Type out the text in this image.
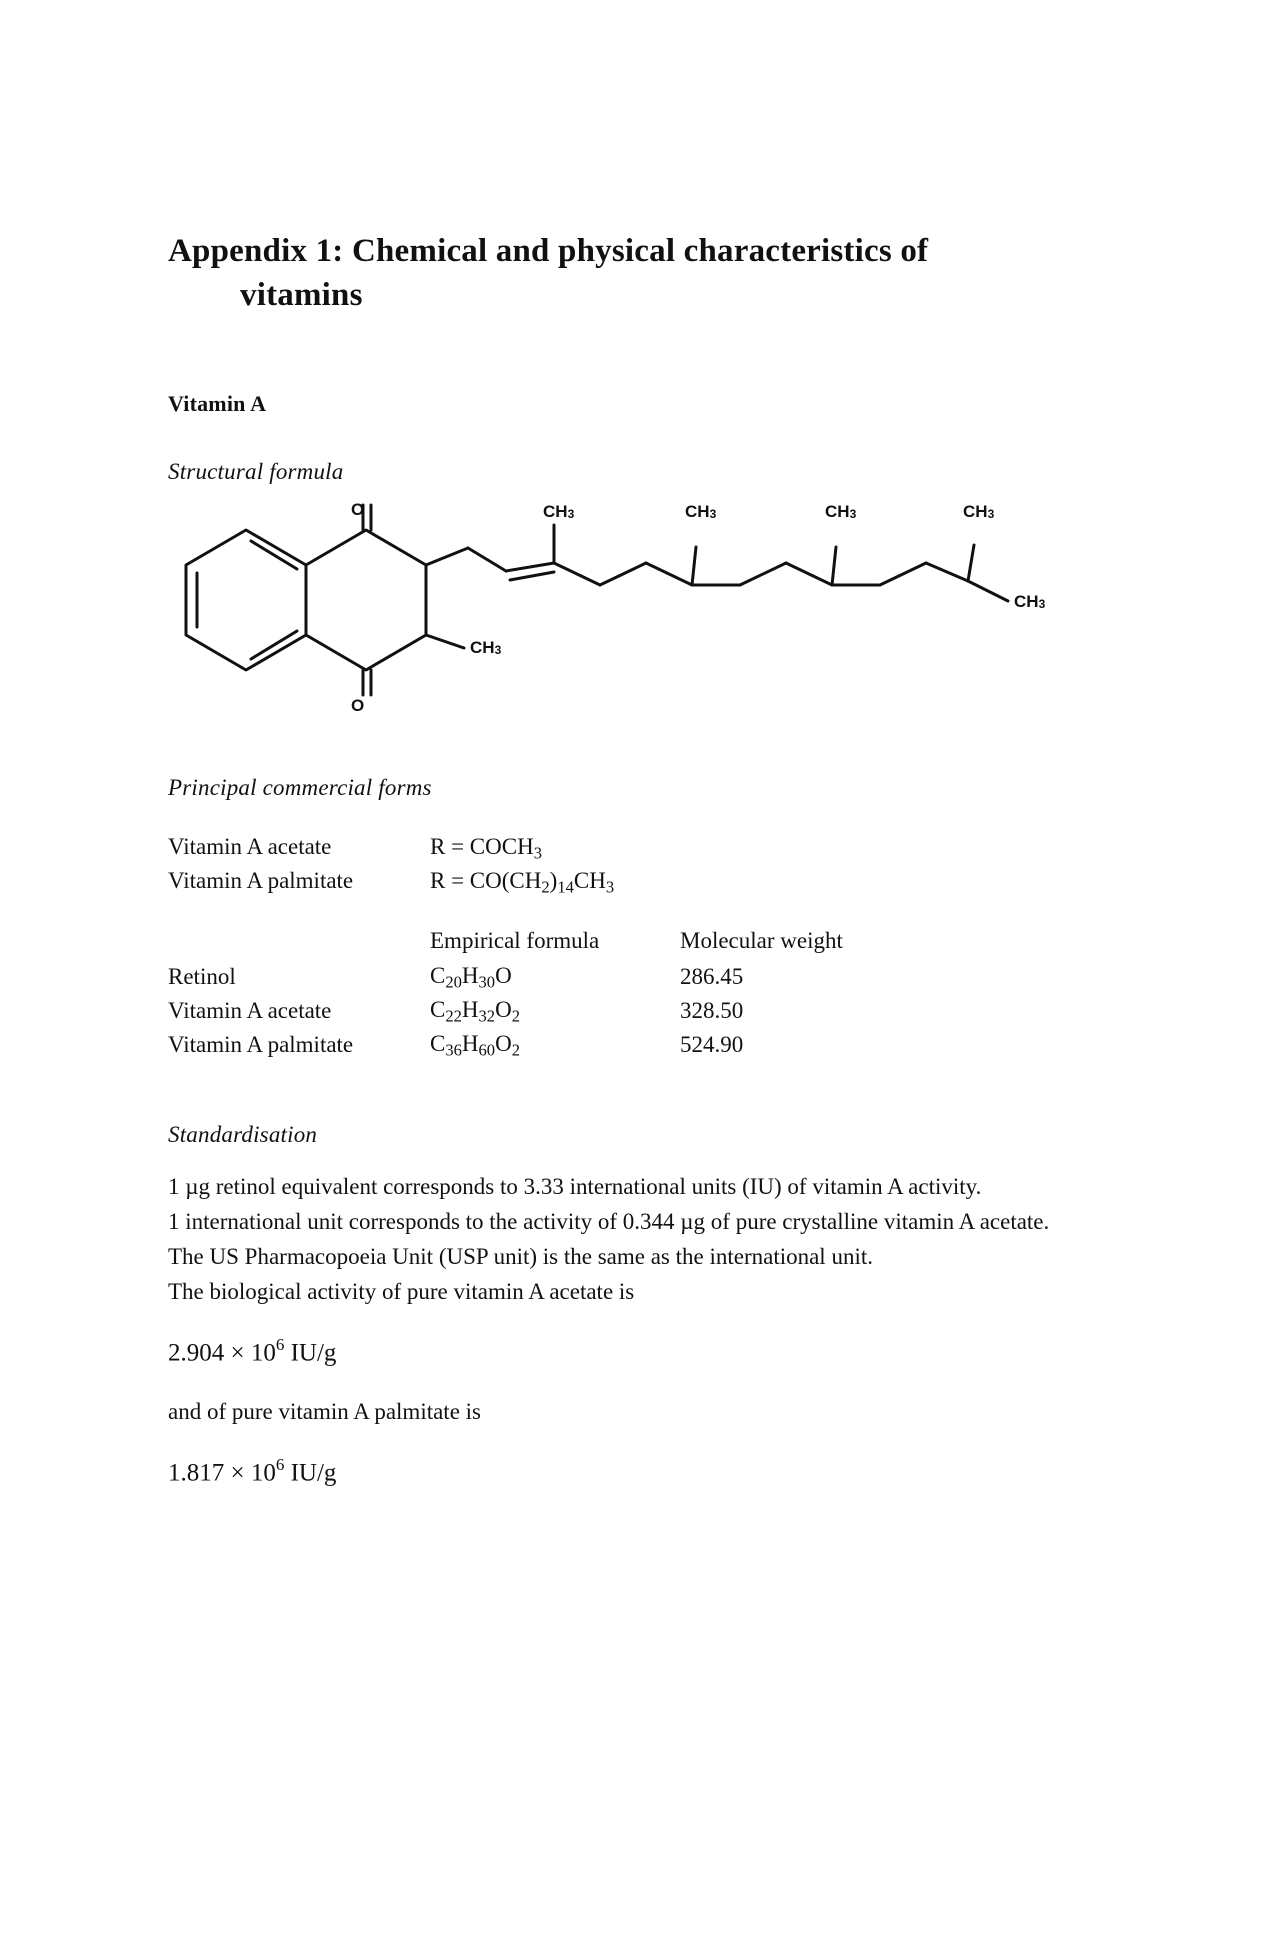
Appendix 1: Chemical and physical characteristics of
vitamins
Vitamin A
Structural formula
O
O
$CH_3$
$CH_3$	$CH_3$	$CH_3$	$CH_3$
$CH_3$
Principal commercial forms
Vitamin A acetate	$R = COCH_3$
Vitamin A palmitate	$R = CO(CH_2)_{14}CH_3$
	Empirical formula	Molecular weight
Retinol	$C_{20}H_{30}O$	286.45
Vitamin A acetate	$C_{22}H_{32}O_2$	328.50
Vitamin A palmitate	$C_{36}H_{60}O_2$	524.90
Standardisation

1 µg retinol equivalent corresponds to 3.33 international units (IU) of vitamin A activity.

1 international unit corresponds to the activity of 0.344 µg of pure crystalline vitamin A acetate.

The US Pharmacopoeia Unit (USP unit) is the same as the international unit.

The biological activity of pure vitamin A acetate is

$2.904 \times 10^6$ IU/g
and of pure vitamin A palmitate is
$1.817 \times 10^6$ IU/g
